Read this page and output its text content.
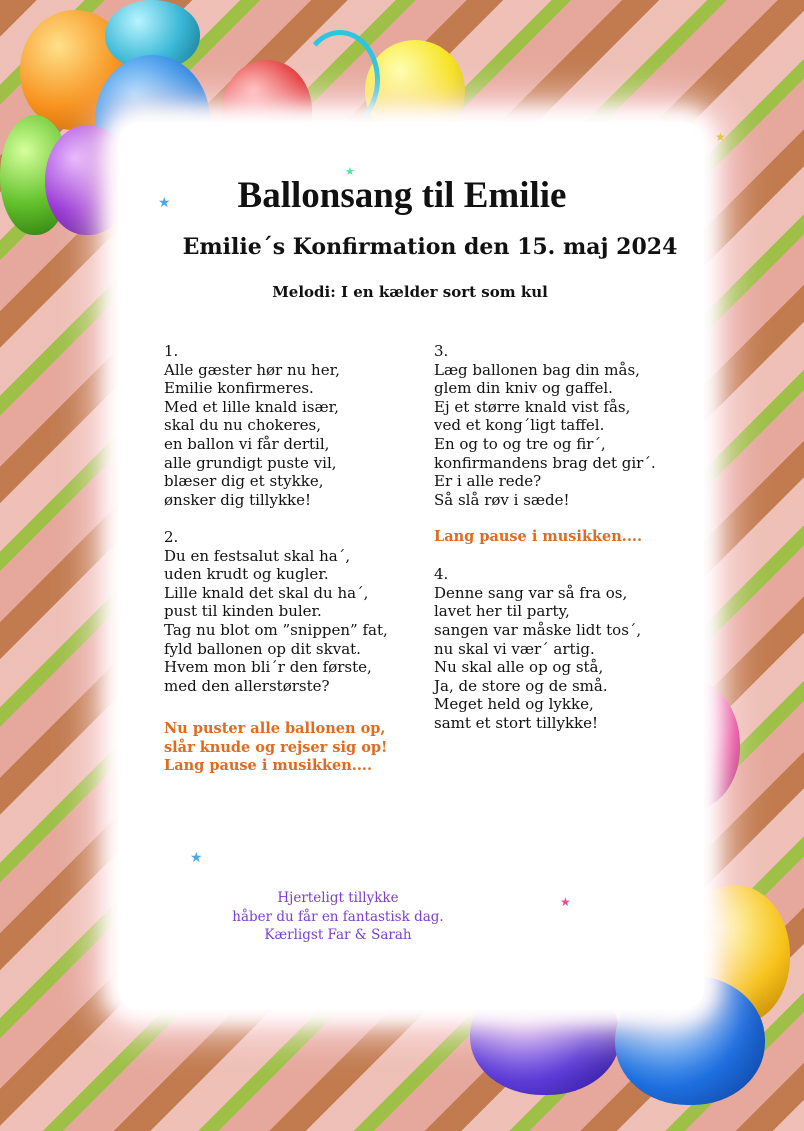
★
★
★
★
★
Ballonsang til Emilie
Emilie´s Konfirmation den 15. maj 2024

Melodi: I en kælder sort som kul

1.
Alle gæster hør nu her,
Emilie konfirmeres.
Med et lille knald især,
skal du nu chokeres,
en ballon vi får dertil,
alle grundigt puste vil,
blæser dig et stykke,
ønsker dig tillykke!
2.
Du en festsalut skal ha´,
uden krudt og kugler.
Lille knald det skal du ha´,
pust til kinden buler.
Tag nu blot om ”snippen” fat,
fyld ballonen op dit skvat.
Hvem mon bli´r den første,
med den allerstørste?
Nu puster alle ballonen op,
slår knude og rejser sig op!
Lang pause i musikken....
3.
Læg ballonen bag din mås,
glem din kniv og gaffel.
Ej et større knald vist fås,
ved et kong´ligt taffel.
En og to og tre og fir´,
konfirmandens brag det gir´.
Er i alle rede?
Så slå røv i sæde!

Lang pause i musikken....

4.
Denne sang var så fra os,
lavet her til party,
sangen var måske lidt tos´,
nu skal vi vær´ artig.
Nu skal alle op og stå,
Ja, de store og de små.
Meget held og lykke,
samt et stort tillykke!
Hjerteligt tillykke
håber du får en fantastisk dag.
Kærligst Far & Sarah
